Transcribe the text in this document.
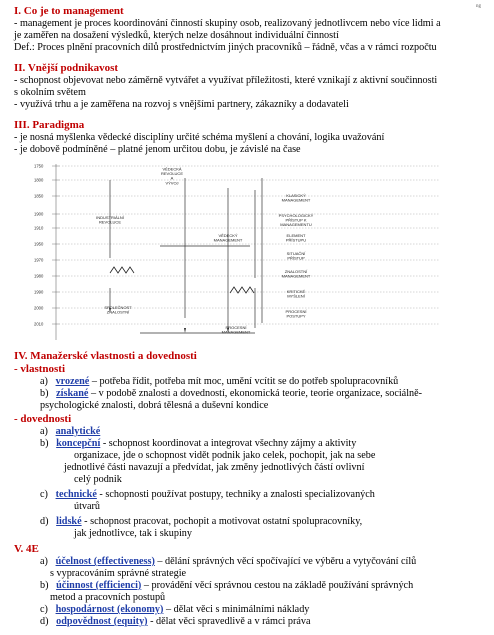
ng
I. Co je to management
- management je proces koordinování činností skupiny osob, realizovaný jednotlivcem nebo více lidmi a
je zaměřen na dosažení výsledků, kterých nelze dosáhnout individuální činností
Def.: Proces plnění pracovních dílů prostřednictvím jiných pracovníků – řádně, včas a v rámci rozpočtu
II. Vnější podnikavost
- schopnost objevovat nebo záměrně vytvářet a využívat příležitosti, které vznikají z aktivní součinnosti
s okolním světem
- využívá trhu a je zaměřena na rozvoj s vnějšími partnery, zákazníky a dodavateli
III. Paradigma
- je nosná myšlenka vědecké disciplíny určité schéma myšlení a chování, logika uvažování
- je dobově podmíněné – platné jenom určitou dobu, je závislé na čase
1750
1800
1850
1900
1910
1950
1970
1980
1990
2000
2010
VĚDECKÁ
REVOLUCE
A
VÝVOJ
INDUSTRIÁLNÍ
REVOLUCE
VĚDECKÝ
MANAGEMENT
SPOLEČNOST
ZNALOSTNÍ
PROCESNÍ
MANAGEMENT
KLASICKÝ
MANAGEMENT
PSYCHOLOGICKÝ
PŘÍSTUP K
MANAGEMENTU
ELEMENT
PŘÍSTUPU
SITUAČNÍ
PŘÍSTUP
ZNALOSTNÍ
MANAGEMENT
KRITICKÉ
MYŠLENÍ
PROCESNÍ
POSTUPY
IV. Manažerské vlastnosti a dovednosti
- vlastnosti
a) vrozené – potřeba řídit, potřeba mít moc, umění vcítit se do potřeb spolupracovníků
b) získané – v podobě znalosti a dovedností, ekonomická teorie, teorie organizace, sociálně-
psychologické znalosti, dobrá tělesná a duševní kondice
- dovednosti
a) analytické
b) koncepční - schopnost koordinovat a integrovat všechny zájmy a aktivity
organizace, jde o schopnost vidět podnik jako celek, pochopit, jak na sebe
jednotlivé části navazují a předvídat, jak změny jednotlivých částí ovlivní
celý podnik
c) technické - schopnosti používat postupy, techniky a znalosti specializovaných
útvarů
d) lidské - schopnost pracovat, pochopit a motivovat ostatní spolupracovníky,
jak jednotlivce, tak i skupiny
V. 4E
a) účelnost (effectiveness) – dělání správných věcí spočívající ve výběru a vytyčování cílů
s vypracováním správné strategie
b) účinnost (efficienci) – provádění věcí správnou cestou na základě používání správných
metod a pracovních postupů
c) hospodárnost (ekonomy) – dělat věci s minimálními náklady
d) odpovědnost (equity) - dělat věci spravedlivě a v rámci práva
